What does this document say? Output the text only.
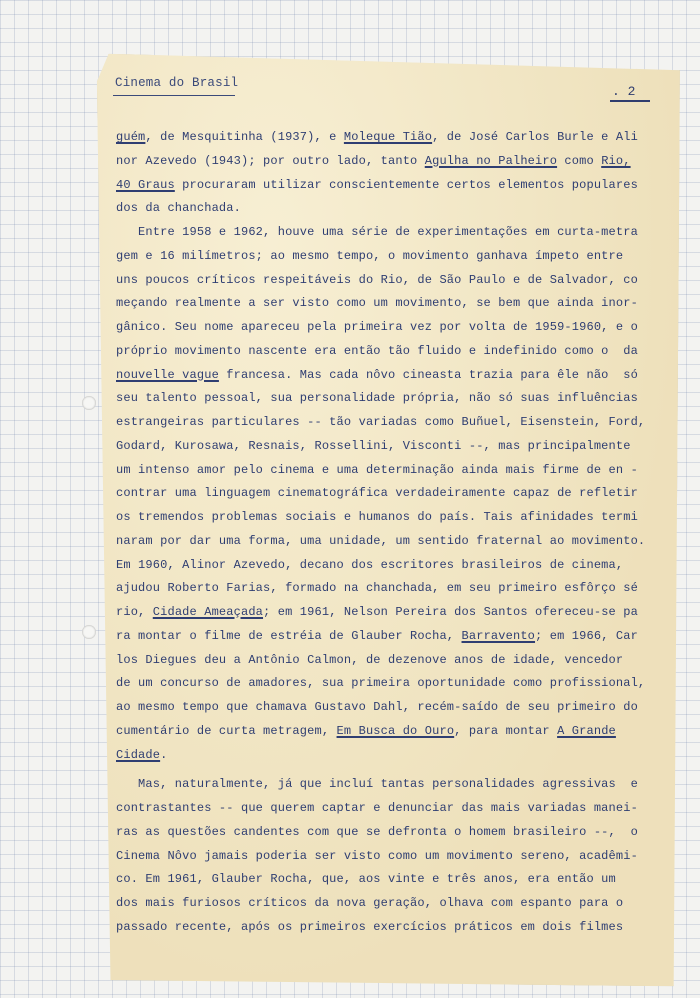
Cinema do Brasil
. 2
guém, de Mesquitinha (1937), e Moleque Tião, de José Carlos Burle e Ali
nor Azevedo (1943); por outro lado, tanto Agulha no Palheiro como Rio,
40 Graus procuraram utilizar conscientemente certos elementos populares
dos da chanchada.
Entre 1958 e 1962, houve uma série de experimentações em curta-metra
gem e 16 milímetros; ao mesmo tempo, o movimento ganhava ímpeto entre
uns poucos críticos respeitáveis do Rio, de São Paulo e de Salvador, co
meçando realmente a ser visto como um movimento, se bem que ainda inor-
gânico. Seu nome apareceu pela primeira vez por volta de 1959-1960, e o
próprio movimento nascente era então tão fluido e indefinido como o  da
nouvelle vague francesa. Mas cada nôvo cineasta trazia para êle não  só
seu talento pessoal, sua personalidade própria, não só suas influências
estrangeiras particulares -- tão variadas como Buñuel, Eisenstein, Ford,
Godard, Kurosawa, Resnais, Rossellini, Visconti --, mas principalmente
um intenso amor pelo cinema e uma determinação ainda mais firme de en -
contrar uma linguagem cinematográfica verdadeiramente capaz de refletir
os tremendos problemas sociais e humanos do país. Tais afinidades termi
naram por dar uma forma, uma unidade, um sentido fraternal ao movimento.
Em 1960, Alinor Azevedo, decano dos escritores brasileiros de cinema,
ajudou Roberto Farias, formado na chanchada, em seu primeiro esfôrço sé
rio, Cidade Ameaçada; em 1961, Nelson Pereira dos Santos ofereceu-se pa
ra montar o filme de estréia de Glauber Rocha, Barravento; em 1966, Car
los Diegues deu a Antônio Calmon, de dezenove anos de idade, vencedor
de um concurso de amadores, sua primeira oportunidade como profissional,
ao mesmo tempo que chamava Gustavo Dahl, recém-saído de seu primeiro do
cumentário de curta metragem, Em Busca do Ouro, para montar A Grande
Cidade.
Mas, naturalmente, já que incluí tantas personalidades agressivas  e
contrastantes -- que querem captar e denunciar das mais variadas manei-
ras as questões candentes com que se defronta o homem brasileiro --,  o
Cinema Nôvo jamais poderia ser visto como um movimento sereno, acadêmi-
co. Em 1961, Glauber Rocha, que, aos vinte e três anos, era então um
dos mais furiosos críticos da nova geração, olhava com espanto para o
passado recente, após os primeiros exercícios práticos em dois filmes
